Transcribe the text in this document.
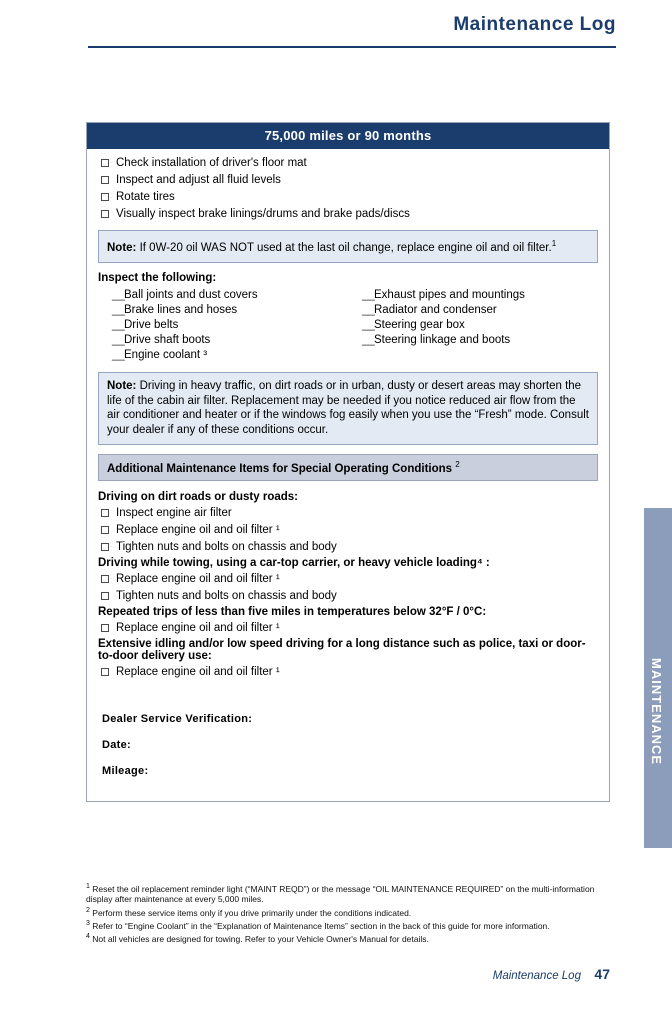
Maintenance Log
MAINTENANCE
75,000 miles or 90 months
Check installation of driver's floor mat
Inspect and adjust all fluid levels
Rotate tires
Visually inspect brake linings/drums and brake pads/discs
Note: If 0W-20 oil WAS NOT used at the last oil change, replace engine oil and oil filter.$^1$
Inspect the following:
__Ball joints and dust covers
__Brake lines and hoses
__Drive belts
__Drive shaft boots
__Engine coolant ³
__Exhaust pipes and mountings
__Radiator and condenser
__Steering gear box
__Steering linkage and boots
Note: Driving in heavy traffic, on dirt roads or in urban, dusty or desert areas may shorten the life of the cabin air filter. Replacement may be needed if you notice reduced air flow from the air conditioner and heater or if the windows fog easily when you use the “Fresh” mode. Consult your dealer if any of these conditions occur.
Additional Maintenance Items for Special Operating Conditions $^2$
Driving on dirt roads or dusty roads:
Inspect engine air filter
Replace engine oil and oil filter ¹
Tighten nuts and bolts on chassis and body
Driving while towing, using a car-top carrier, or heavy vehicle loading⁴ :
Replace engine oil and oil filter ¹
Tighten nuts and bolts on chassis and body
Repeated trips of less than five miles in temperatures below 32°F / 0°C:
Replace engine oil and oil filter ¹
Extensive idling and/or low speed driving for a long distance such as police, taxi or door-to-door delivery use:
Replace engine oil and oil filter ¹
Dealer Service Verification:
Date:
Mileage:
$^1$ Reset the oil replacement reminder light (“MAINT REQD”) or the message “OIL MAINTENANCE REQUIRED” on the multi-information display after maintenance at every 5,000 miles.
$^2$ Perform these service items only if you drive primarily under the conditions indicated.
$^3$ Refer to “Engine Coolant” in the “Explanation of Maintenance Items” section in the back of this guide for more information.
$^4$ Not all vehicles are designed for towing. Refer to your Vehicle Owner's Manual for details.
Maintenance Log 47
